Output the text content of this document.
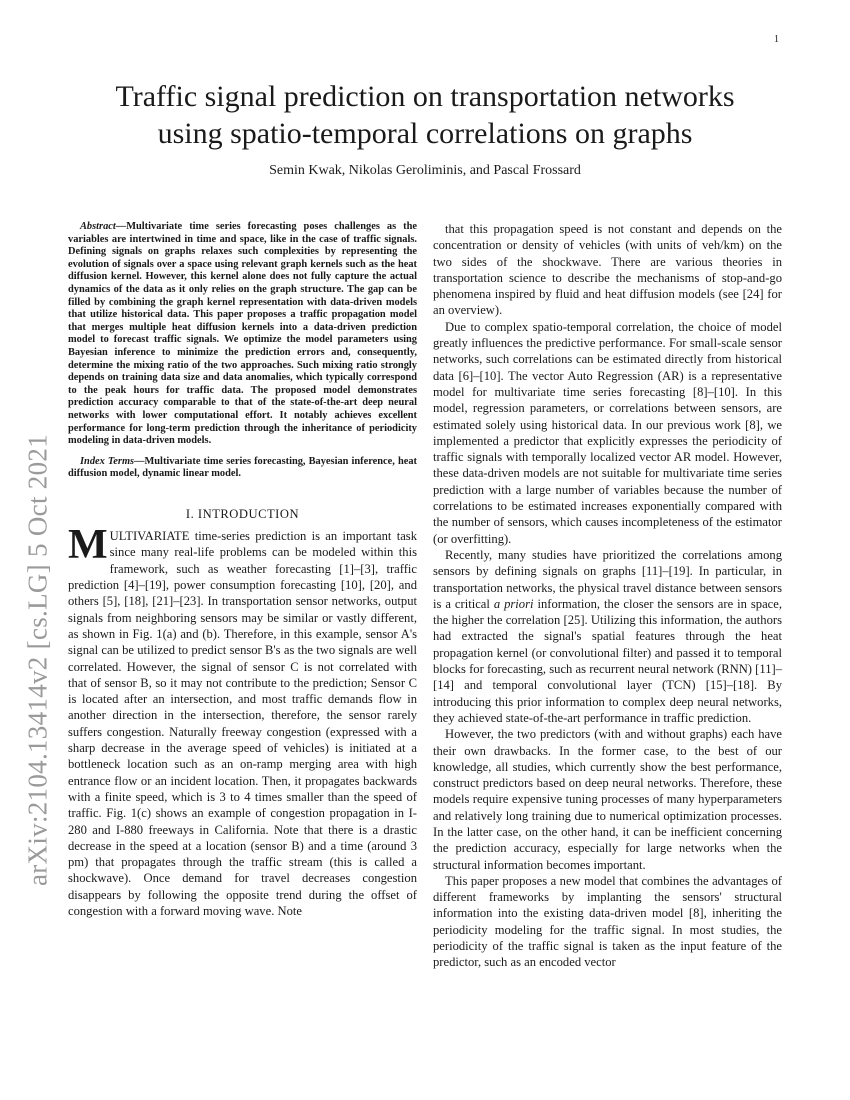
1
arXiv:2104.13414v2 [cs.LG] 5 Oct 2021
Traffic signal prediction on transportation networks
using spatio-temporal correlations on graphs
Semin Kwak, Nikolas Geroliminis, and Pascal Frossard

Abstract—Multivariate time series forecasting poses challenges as the variables are intertwined in time and space, like in the case of traffic signals. Defining signals on graphs relaxes such complexities by representing the evolution of signals over a space using relevant graph kernels such as the heat diffusion kernel. However, this kernel alone does not fully capture the actual dynamics of the data as it only relies on the graph structure. The gap can be filled by combining the graph kernel representation with data-driven models that utilize historical data. This paper proposes a traffic propagation model that merges multiple heat diffusion kernels into a data-driven prediction model to forecast traffic signals. We optimize the model parameters using Bayesian inference to minimize the prediction errors and, consequently, determine the mixing ratio of the two approaches. Such mixing ratio strongly depends on training data size and data anomalies, which typically correspond to the peak hours for traffic data. The proposed model demonstrates prediction accuracy comparable to that of the state-of-the-art deep neural networks with lower computational effort. It notably achieves excellent performance for long-term prediction through the inheritance of periodicity modeling in data-driven models.

Index Terms—Multivariate time series forecasting, Bayesian inference, heat diffusion model, dynamic linear model.

I. INTRODUCTION

MULTIVARIATE time-series prediction is an important task since many real-life problems can be modeled within this framework, such as weather forecasting [1]–[3], traffic prediction [4]–[19], power consumption forecasting [10], [20], and others [5], [18], [21]–[23]. In transportation sensor networks, output signals from neighboring sensors may be similar or vastly different, as shown in Fig. 1(a) and (b). Therefore, in this example, sensor A's signal can be utilized to predict sensor B's as the two signals are well correlated. However, the signal of sensor C is not correlated with that of sensor B, so it may not contribute to the prediction; Sensor C is located after an intersection, and most traffic demands flow in another direction in the intersection, therefore, the sensor rarely suffers congestion. Naturally freeway congestion (expressed with a sharp decrease in the average speed of vehicles) is initiated at a bottleneck location such as an on-ramp merging area with high entrance flow or an incident location. Then, it propagates backwards with a finite speed, which is 3 to 4 times smaller than the speed of traffic. Fig. 1(c) shows an example of congestion propagation in I-280 and I-880 freeways in California. Note that there is a drastic decrease in the speed at a location (sensor B) and a time (around 3 pm) that propagates through the traffic stream (this is called a shockwave). Once demand for travel decreases congestion disappears by following the opposite trend during the offset of congestion with a forward moving wave. Note

that this propagation speed is not constant and depends on the concentration or density of vehicles (with units of veh/km) on the two sides of the shockwave. There are various theories in transportation science to describe the mechanisms of stop-and-go phenomena inspired by fluid and heat diffusion models (see [24] for an overview).

Due to complex spatio-temporal correlation, the choice of model greatly influences the predictive performance. For small-scale sensor networks, such correlations can be estimated directly from historical data [6]–[10]. The vector Auto Regression (AR) is a representative model for multivariate time series forecasting [8]–[10]. In this model, regression parameters, or correlations between sensors, are estimated solely using historical data. In our previous work [8], we implemented a predictor that explicitly expresses the periodicity of traffic signals with temporally localized vector AR model. However, these data-driven models are not suitable for multivariate time series prediction with a large number of variables because the number of correlations to be estimated increases exponentially compared with the number of sensors, which causes incompleteness of the estimator (or overfitting).

Recently, many studies have prioritized the correlations among sensors by defining signals on graphs [11]–[19]. In particular, in transportation networks, the physical travel distance between sensors is a critical a priori information, the closer the sensors are in space, the higher the correlation [25]. Utilizing this information, the authors had extracted the signal's spatial features through the heat propagation kernel (or convolutional filter) and passed it to temporal blocks for forecasting, such as recurrent neural network (RNN) [11]–[14] and temporal convolutional layer (TCN) [15]–[18]. By introducing this prior information to complex deep neural networks, they achieved state-of-the-art performance in traffic prediction.

However, the two predictors (with and without graphs) each have their own drawbacks. In the former case, to the best of our knowledge, all studies, which currently show the best performance, construct predictors based on deep neural networks. Therefore, these models require expensive tuning processes of many hyperparameters and relatively long training due to numerical optimization processes. In the latter case, on the other hand, it can be inefficient concerning the prediction accuracy, especially for large networks when the structural information becomes important.

This paper proposes a new model that combines the advantages of different frameworks by implanting the sensors' structural information into the existing data-driven model [8], inheriting the periodicity modeling for the traffic signal. In most studies, the periodicity of the traffic signal is taken as the input feature of the predictor, such as an encoded vector
